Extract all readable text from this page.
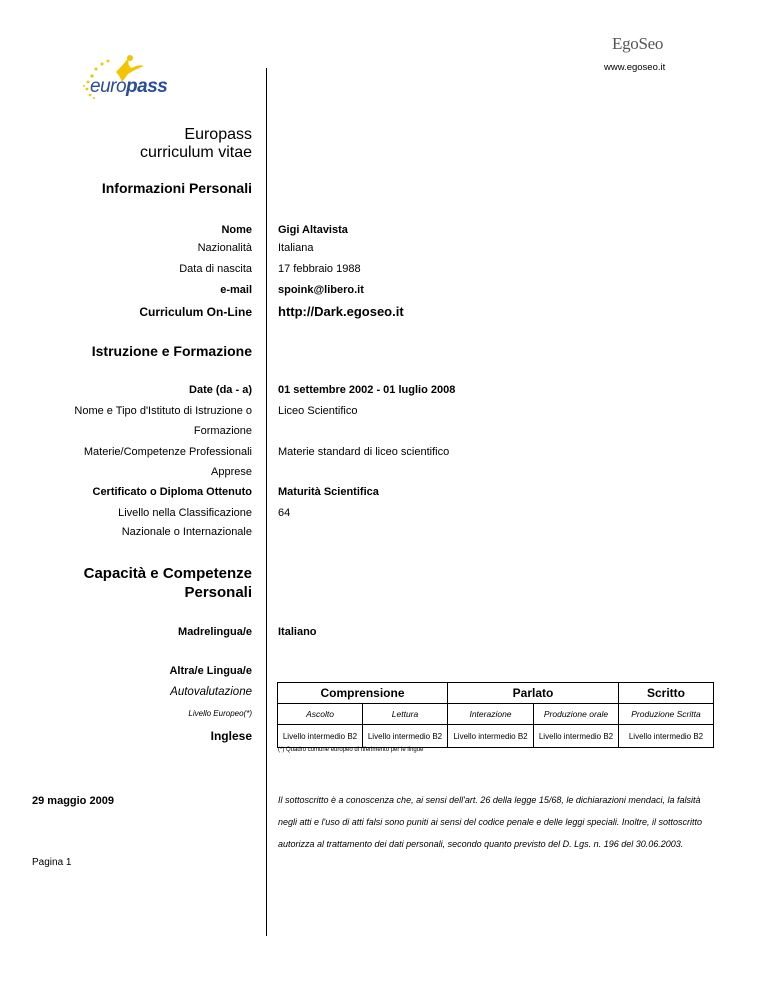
europass
EgoSeo
www.egoseo.it
Europass
curriculum vitae
Informazioni Personali
Nome Gigi Altavista
Nazionalità Italiana
Data di nascita 17 febbraio 1988
e-mail spoink@libero.it
Curriculum On-Line http://Dark.egoseo.it
Istruzione e Formazione
Date (da - a) 01 settembre 2002 - 01 luglio 2008
Nome e Tipo d'Istituto di Istruzione o
Formazione
Liceo Scientifico
Materie/Competenze Professionali
Apprese
Materie standard di liceo scientifico
Certificato o Diploma Ottenuto Maturità Scientifica
Livello nella Classificazione
Nazionale o Internazionale
64
Capacità e Competenze
Personali
Madrelingua/e Italiano
Altra/e Lingua/e
Autovalutazione
Livello Europeo(*)
Inglese
Comprensione		Parlato		Scritto
Ascolto	Lettura	Interazione	Produzione orale	Produzione Scritta
Livello intermedio B2	Livello intermedio B2	Livello intermedio B2	Livello intermedio B2	Livello intermedio B2
(*) Quadro comune europeo di riferimento per le lingue
29 maggio 2009	Il sottoscritto è a conoscenza che, ai sensi dell'art. 26 della legge 15/68, le dichiarazioni mendaci, la falsità
negli atti e l'uso di atti falsi sono puniti ai sensi del codice penale e delle leggi speciali. Inoltre, il sottoscritto
autorizza al trattamento dei dati personali, secondo quanto previsto del D. Lgs. n. 196 del 30.06.2003.
Pagina 1
